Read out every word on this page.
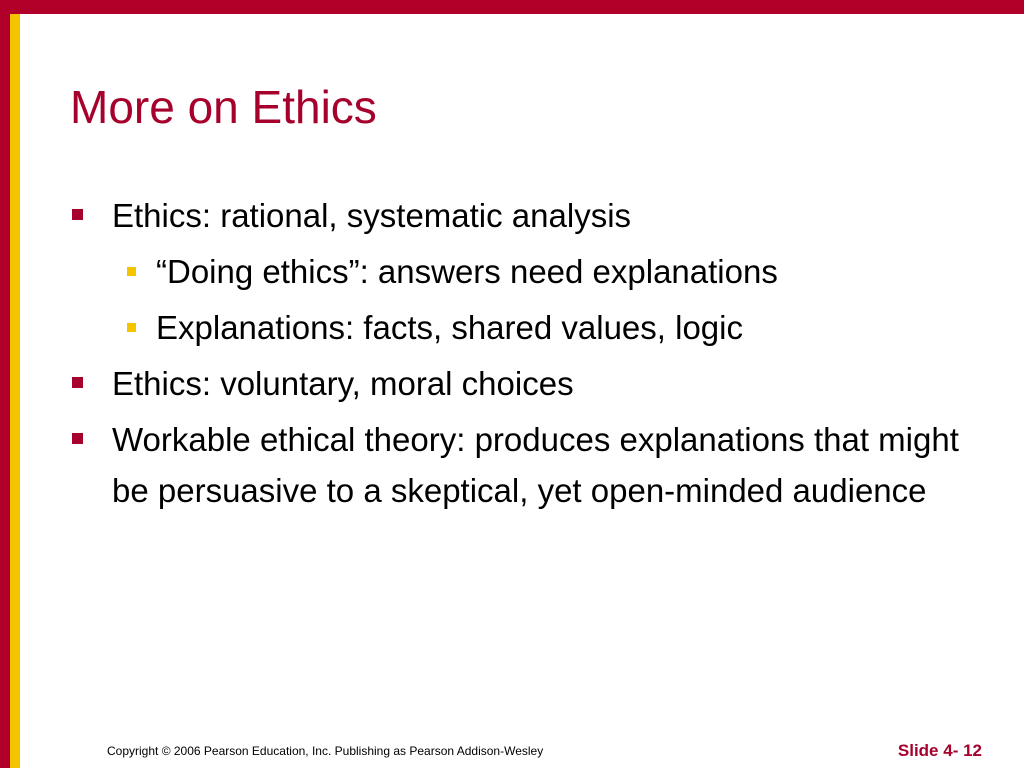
More on Ethics
Ethics: rational, systematic analysis
“Doing ethics”: answers need explanations
Explanations: facts, shared values, logic
Ethics: voluntary, moral choices
Workable ethical theory: produces explanations that might be persuasive to a skeptical, yet open-minded audience
Copyright © 2006 Pearson Education, Inc. Publishing as Pearson Addison-Wesley	Slide 4- 12
